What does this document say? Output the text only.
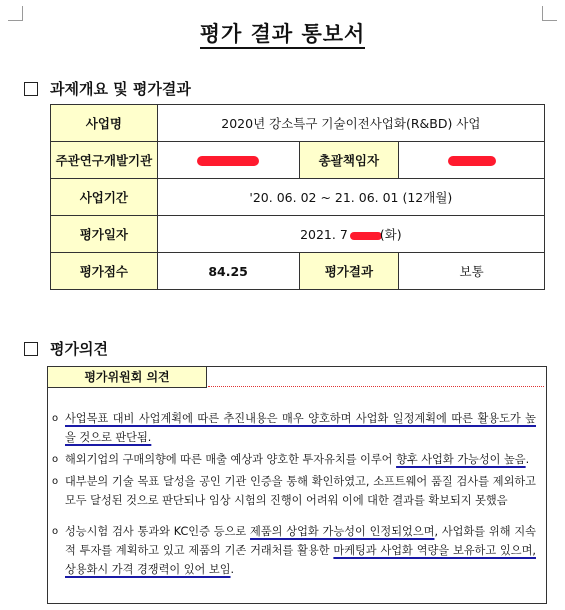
평가 결과 통보서
과제개요 및 평가결과
사업명	2020년 강소특구 기술이전사업화(R&BD) 사업		
주관연구개발기관		총괄책임자	
사업기간	'20. 06. 02 ~ 21. 06. 01 (12개월)		
평가일자	2021. 7 (화)		
평가점수	84.25	평가결과	보통
평가의견
평가위원회 의견
o 사업목표 대비 사업계획에 따른 추진내용은 매우 양호하며 사업화 일정계획에 따른 활용도가 높을 것으로 판단됨.
o 해외기업의 구매의향에 따른 매출 예상과 양호한 투자유치를 이루어 향후 사업화 가능성이 높음.
o 대부분의 기술 목표 달성을 공인 기관 인증을 통해 확인하였고, 소프트웨어 품질 검사를 제외하고 모두 달성된 것으로 판단되나 임상 시험의 진행이 어려워 이에 대한 결과를 확보되지 못했음
o 성능시험 검사 통과와 KC인증 등으로 제품의 상업화 가능성이 인정되었으며, 사업화를 위해 지속적 투자를 계획하고 있고 제품의 기존 거래처를 활용한 마케팅과 사업화 역량을 보유하고 있으며, 상용화시 가격 경쟁력이 있어 보임.
